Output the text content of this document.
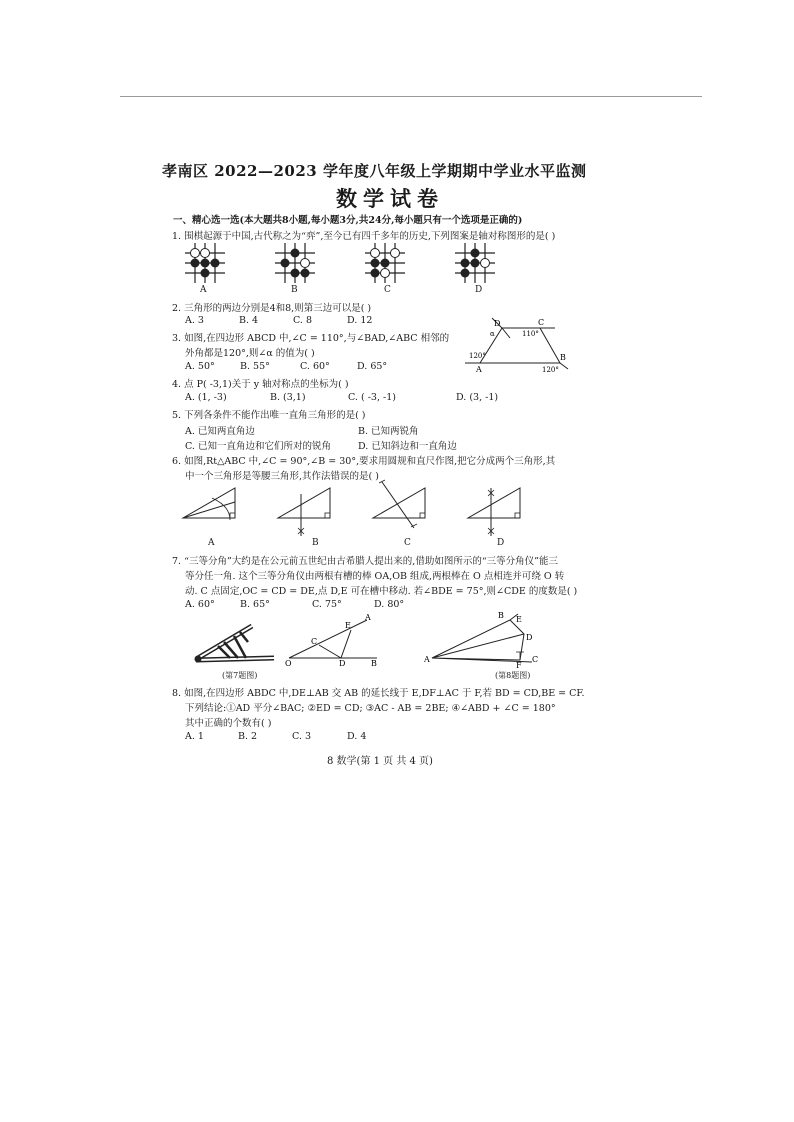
孝南区 2022—2023 学年度八年级上学期期中学业水平监测
数学试卷
一、精心选一选(本大题共8小题,每小题3分,共24分,每小题只有一个选项是正确的)
1. 围棋起源于中国,古代称之为“弈”,至今已有四千多年的历史,下列图案是轴对称图形的是( )
A	B	C	D
2. 三角形的两边分别是4和8,则第三边可以是( )
A. 3	B. 4	C. 8	D. 12
3. 如图,在四边形 ABCD 中,∠C = 110°,与∠BAD,∠ABC 相邻的
外角都是120°,则∠α 的值为( )
A. 50°	B. 55°	C. 60°	D. 65°
D	C
A
B
α	110°
120°
120°
4. 点 P( -3,1)关于 y 轴对称点的坐标为( )
A. (1, -3)	B. (3,1)	C. ( -3, -1)	D. (3, -1)
5. 下列各条件不能作出唯一直角三角形的是( )
A. 已知两直角边	B. 已知两锐角
C. 已知一直角边和它们所对的锐角	D. 已知斜边和一直角边
6. 如图,Rt△ABC 中,∠C = 90°,∠B = 30°,要求用圆规和直尺作图,把它分成两个三角形,其
中一个三角形是等腰三角形,其作法错误的是( )
A	B	C	D
7. “三等分角”大约是在公元前五世纪由古希腊人提出来的,借助如图所示的“三等分角仪”能三
等分任一角. 这个三等分角仪由两根有槽的棒 OA,OB 组成,两根棒在 O 点相连并可绕 O 转
动. C 点固定,OC = CD = DE,点 D,E 可在槽中移动. 若∠BDE = 75°,则∠CDE 的度数是( )
A. 60°	B. 65°	C. 75°	D. 80°
O
C
D
E
A
B
(第7题图)
A
B E
D
F
C
(第8题图)
8. 如图,在四边形 ABDC 中,DE⊥AB 交 AB 的延长线于 E,DF⊥AC 于 F,若 BD = CD,BE = CF.
下列结论:①AD 平分∠BAC; ②ED = CD; ③AC - AB = 2BE; ④∠ABD + ∠C = 180°
其中正确的个数有( )
A. 1	B. 2	C. 3	D. 4
8 数学(第 1 页 共 4 页)
